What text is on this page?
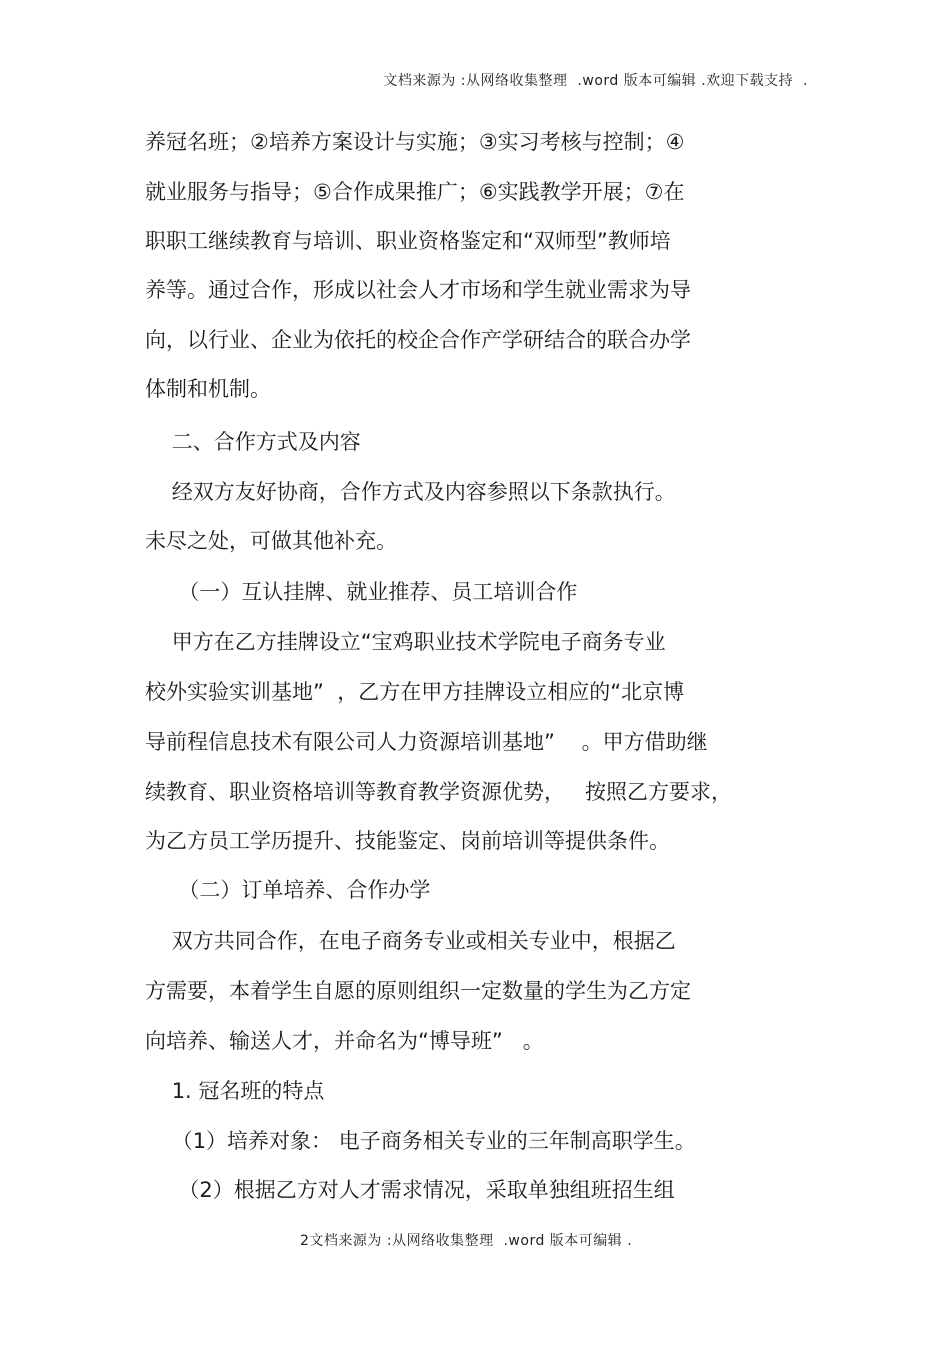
文档来源为 :从网络收集整理  .word 版本可编辑 .欢迎下载支持  .
养冠名班；②培养方案设计与实施；③实习考核与控制；④
就业服务与指导；⑤合作成果推广；⑥实践教学开展；⑦在
职职工继续教育与培训、职业资格鉴定和“双师型”教师培
养等。通过合作，形成以社会人才市场和学生就业需求为导
向，以行业、企业为依托的校企合作产学研结合的联合办学
体制和机制。
二、合作方式及内容
经双方友好协商，合作方式及内容参照以下条款执行。
未尽之处，可做其他补充。
（一）互认挂牌、就业推荐、员工培训合作
甲方在乙方挂牌设立“宝鸡职业技术学院电子商务专业
校外实验实训基地”  ，乙方在甲方挂牌设立相应的“北京博
导前程信息技术有限公司人力资源培训基地”    。甲方借助继
续教育、职业资格培训等教育教学资源优势，   按照乙方要求，
为乙方员工学历提升、技能鉴定、岗前培训等提供条件。
（二）订单培养、合作办学
双方共同合作，在电子商务专业或相关专业中，根据乙
方需要，本着学生自愿的原则组织一定数量的学生为乙方定
向培养、输送人才，并命名为“博导班”   。
1. 冠名班的特点
（1）培养对象： 电子商务相关专业的三年制高职学生。
（2）根据乙方对人才需求情况，采取单独组班招生组
2文档来源为 :从网络收集整理  .word 版本可编辑 .
